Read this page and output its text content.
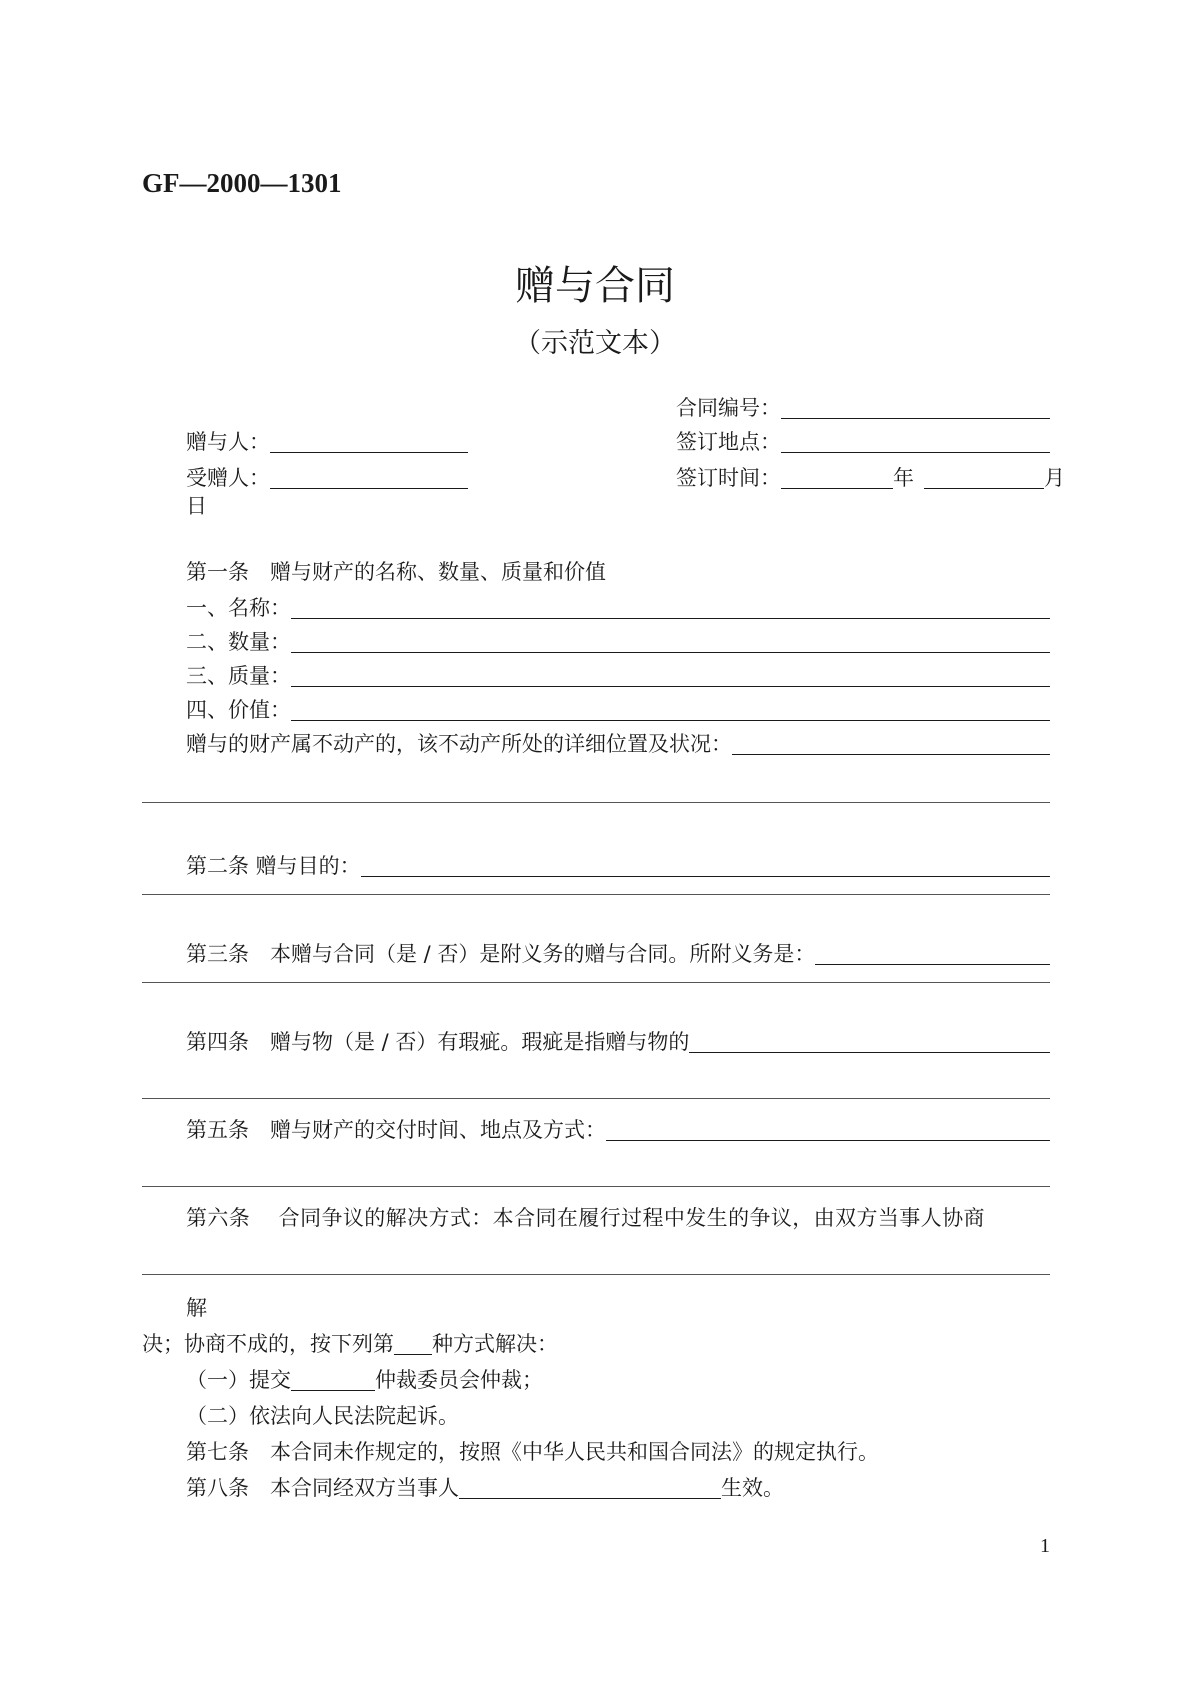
GF—2000—1301
赠与合同
（示范文本）
合同编号：
赠与人：	签订地点：
受赠人：	签订时间：	年	月
日
第一条　赠与财产的名称、数量、质量和价值
一、名称：
二、数量：
三、质量：
四、价值：
赠与的财产属不动产的，该不动产所处的详细位置及状况：
第二条 赠与目的：
第三条　本赠与合同（是 / 否）是附义务的赠与合同。所附义务是：
第四条　赠与物（是 / 否）有瑕疵。瑕疵是指赠与物的
第五条　赠与财产的交付时间、地点及方式：
第六条　 合同争议的解决方式：本合同在履行过程中发生的争议，由双方当事人协商
解
决；协商不成的，按下列第 种方式解决：
（一）提交	仲裁委员会仲裁；
（二）依法向人民法院起诉。
第七条　本合同未作规定的，按照《中华人民共和国合同法》的规定执行。
第八条　本合同经双方当事人	生效。
1
